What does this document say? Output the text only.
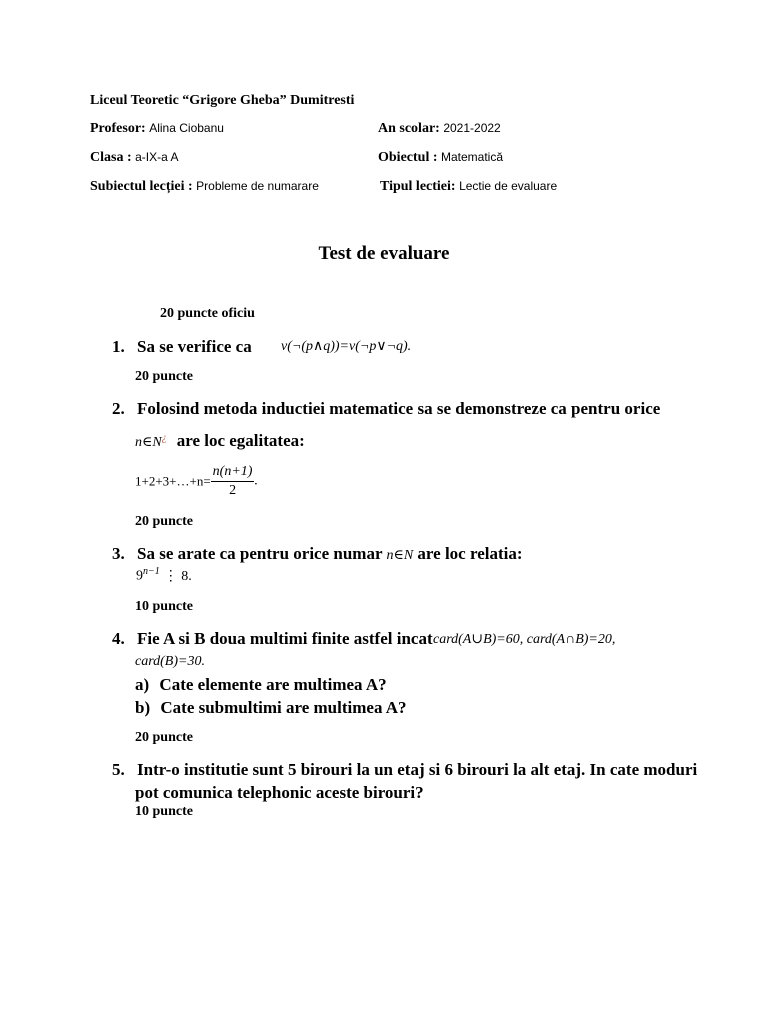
Liceul Teoretic “Grigore Gheba” Dumitresti
Profesor: Alina Ciobanu	An scolar: 2021-2022
Clasa : a-IX-a A	Obiectul : Matematică
Subiectul lecției : Probleme de numarare	Tipul lectiei: Lectie de evaluare
Test de evaluare
20 puncte oficiu
1. Sa se verifice ca v(¬(p∧q))=v(¬p∨¬q).
20 puncte
2. Folosind metoda inductiei matematice sa se demonstreze ca pentru orice
n∈N¿ are loc egalitatea:
1+2+3+…+n= $\frac{n(n+1)}{2}$ .
20 puncte
3. Sa se arate ca pentru orice numar n∈N are loc relatia:
$9^{n-1}$ ⋮ 8.
10 puncte
4. Fie A si B doua multimi finite astfel incat card(A∪B)=60, card(A∩B)=20,
card(B)=30.
a) Cate elemente are multimea A?
b) Cate submultimi are multimea A?
20 puncte
5. Intr-o institutie sunt 5 birouri la un etaj si 6 birouri la alt etaj. In cate moduri
pot comunica telephonic aceste birouri?
10 puncte
